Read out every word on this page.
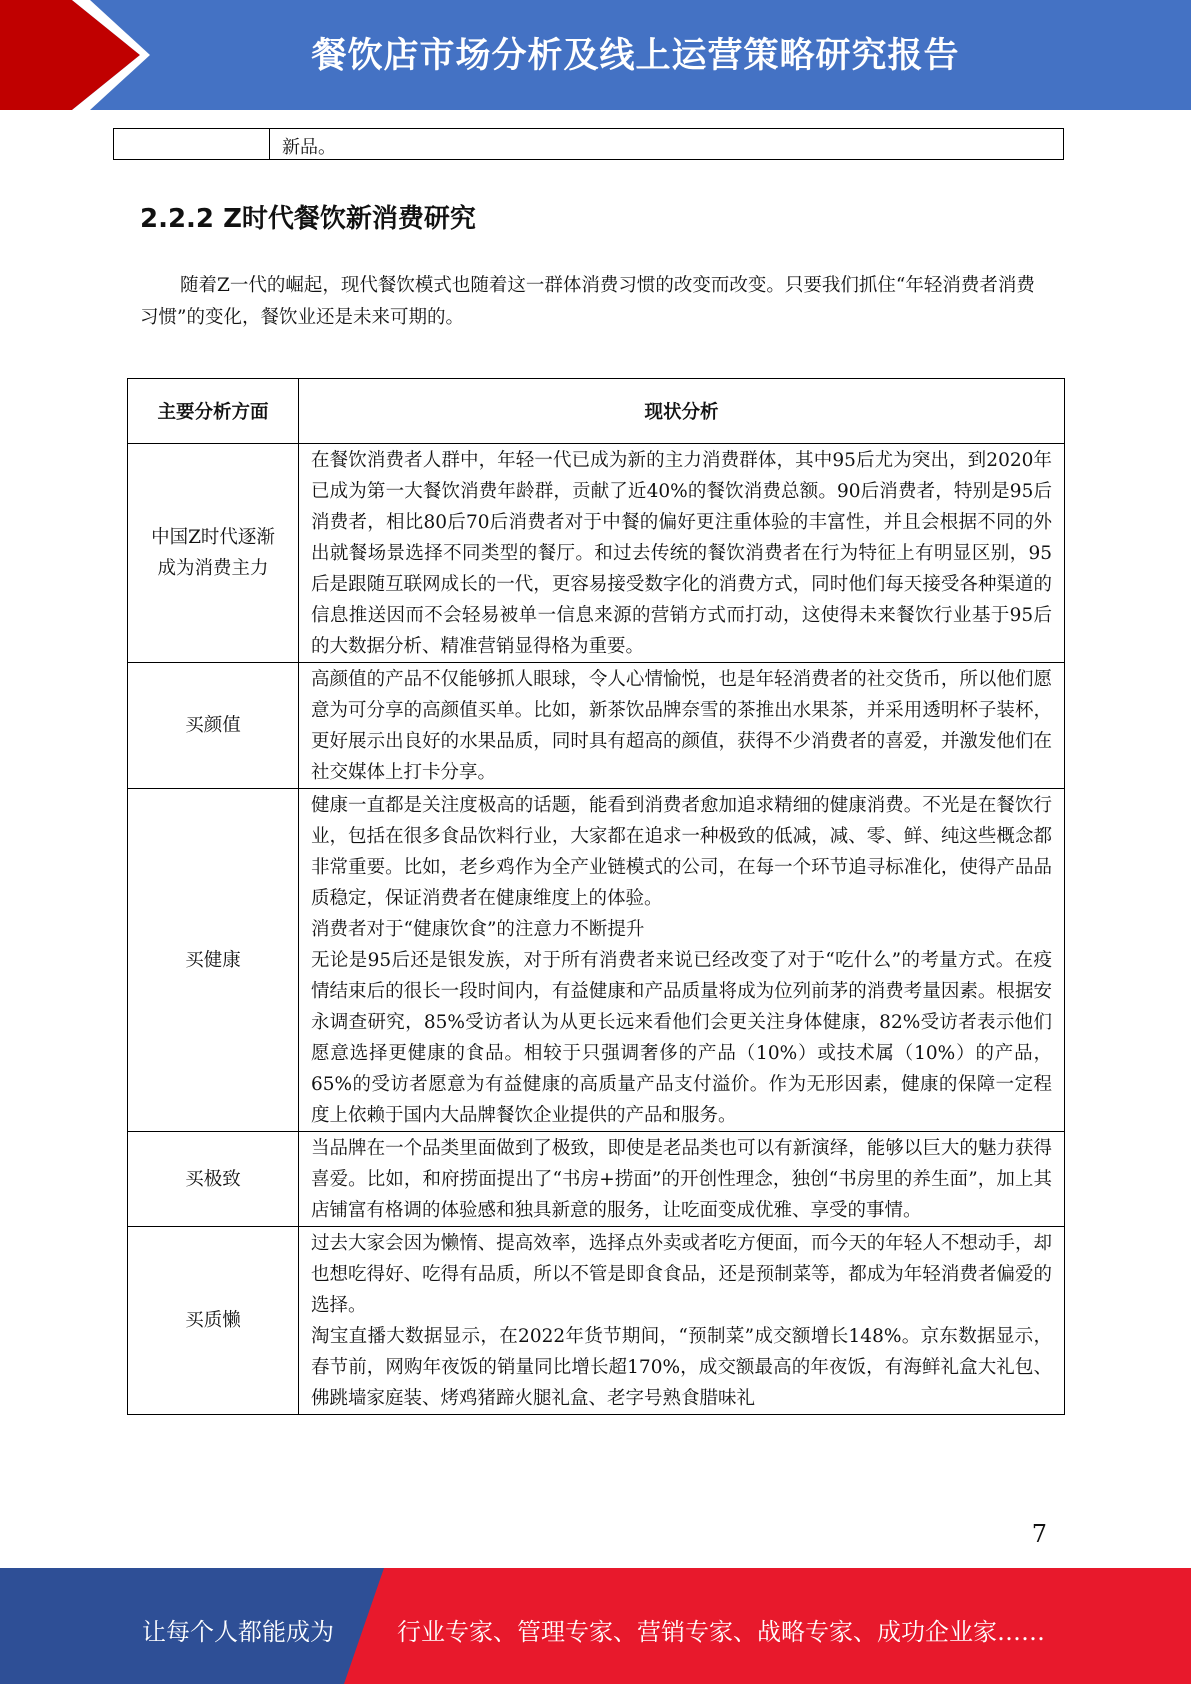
餐饮店市场分析及线上运营策略研究报告
新品。
2.2.2 Z时代餐饮新消费研究
随着Z一代的崛起，现代餐饮模式也随着这一群体消费习惯的改变而改变。只要我们抓住“年轻消费者消费习惯”的变化，餐饮业还是未来可期的。
主要分析方面	现状分析
中国Z时代逐渐成为消费主力	在餐饮消费者人群中，年轻一代已成为新的主力消费群体，其中95后尤为突出，到2020年已成为第一大餐饮消费年龄群，贡献了近40%的餐饮消费总额。90后消费者，特别是95后消费者，相比80后70后消费者对于中餐的偏好更注重体验的丰富性，并且会根据不同的外出就餐场景选择不同类型的餐厅。和过去传统的餐饮消费者在行为特征上有明显区别，95后是跟随互联网成长的一代，更容易接受数字化的消费方式，同时他们每天接受各种渠道的信息推送因而不会轻易被单一信息来源的营销方式而打动，这使得未来餐饮行业基于95后的大数据分析、精准营销显得格为重要。
买颜值	高颜值的产品不仅能够抓人眼球，令人心情愉悦，也是年轻消费者的社交货币，所以他们愿意为可分享的高颜值买单。比如，新茶饮品牌奈雪的茶推出水果茶，并采用透明杯子装杯，更好展示出良好的水果品质，同时具有超高的颜值，获得不少消费者的喜爱，并激发他们在社交媒体上打卡分享。
买健康	健康一直都是关注度极高的话题，能看到消费者愈加追求精细的健康消费。不光是在餐饮行业，包括在很多食品饮料行业，大家都在追求一种极致的低减，减、零、鲜、纯这些概念都非常重要。比如，老乡鸡作为全产业链模式的公司，在每一个环节追寻标准化，使得产品品质稳定，保证消费者在健康维度上的体验。
消费者对于“健康饮食”的注意力不断提升
无论是95后还是银发族，对于所有消费者来说已经改变了对于“吃什么”的考量方式。在疫情结束后的很长一段时间内，有益健康和产品质量将成为位列前茅的消费考量因素。根据安永调查研究，85%受访者认为从更长远来看他们会更关注身体健康，82%受访者表示他们愿意选择更健康的食品。相较于只强调奢侈的产品（10%）或技术属（10%）的产品，65%的受访者愿意为有益健康的高质量产品支付溢价。作为无形因素，健康的保障一定程度上依赖于国内大品牌餐饮企业提供的产品和服务。

买极致	当品牌在一个品类里面做到了极致，即使是老品类也可以有新演绎，能够以巨大的魅力获得喜爱。比如，和府捞面提出了“书房+捞面”的开创性理念，独创“书房里的养生面”，加上其店铺富有格调的体验感和独具新意的服务，让吃面变成优雅、享受的事情。
买质懒	过去大家会因为懒惰、提高效率，选择点外卖或者吃方便面，而今天的年轻人不想动手，却也想吃得好、吃得有品质，所以不管是即食食品，还是预制菜等，都成为年轻消费者偏爱的选择。
淘宝直播大数据显示，在2022年货节期间，“预制菜”成交额增长148%。京东数据显示，春节前，网购年夜饭的销量同比增长超170%，成交额最高的年夜饭，有海鲜礼盒大礼包、佛跳墙家庭装、烤鸡猪蹄火腿礼盒、老字号熟食腊味礼
7
让每个人都能成为	行业专家、管理专家、营销专家、战略专家、成功企业家……
